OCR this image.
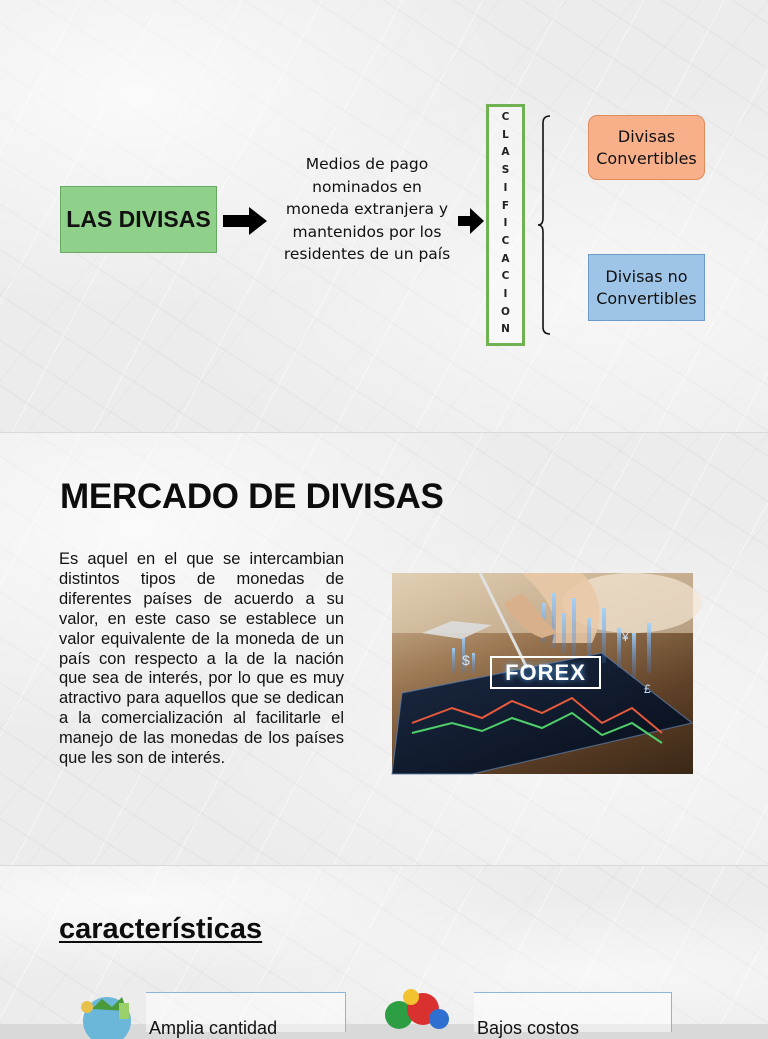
LAS DIVISAS
Medios de pago nominados en moneda extranjera y mantenidos por los residentes de un país
C
L
A
S
I
F
I
C
A
C
I
O
N
Divisas Convertibles
Divisas no Convertibles
MERCADO DE DIVISAS

Es aquel en el que se intercambian distintos tipos de monedas de diferentes países de acuerdo a su valor, en este caso se establece un valor equivalente de la moneda de un país con respecto a la de la nación que sea de interés, por lo que es muy atractivo para aquellos que se dedican a la comercialización al facilitarle el manejo de las monedas de los países que les son de interés.

$
¥
£
FOREX
características
Amplia cantidad	Bajos costos
